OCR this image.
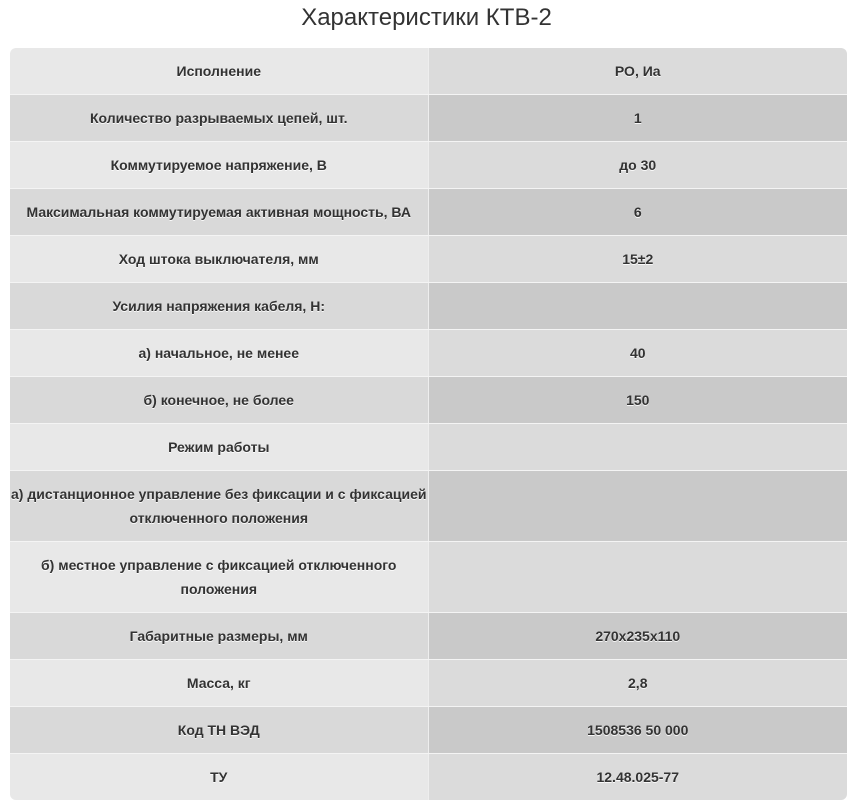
Характеристики КТВ-2
Исполнение	РО, Иа
Количество разрываемых цепей, шт.	1
Коммутируемое напряжение, В	до 30
Максимальная коммутируемая активная мощность, ВА	6
Ход штока выключателя, мм	15±2
Усилия напряжения кабеля, Н:	
а) начальное, не менее	40
б) конечное, не более	150
Режим работы	
а) дистанционное управление без фиксации и с фиксацией отключенного положения	
б) местное управление с фиксацией отключенного положения	
Габаритные размеры, мм	270х235х110
Масса, кг	2,8
Код ТН ВЭД	1508536 50 000
ТУ	12.48.025-77
